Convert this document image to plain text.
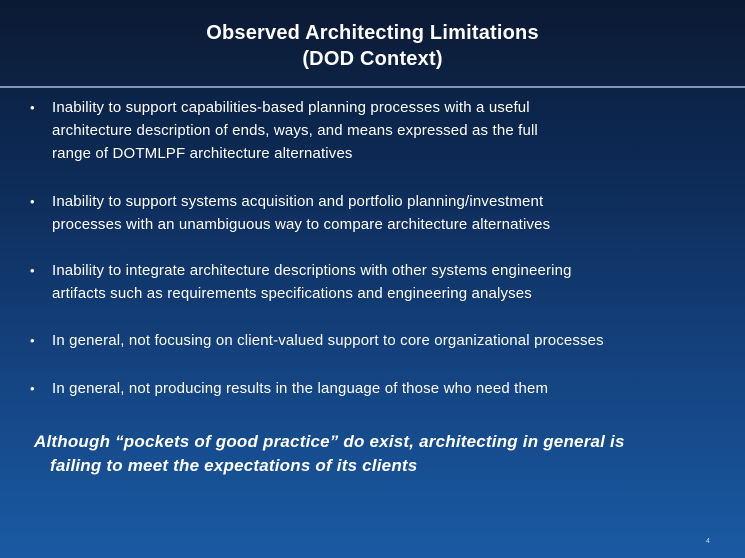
Observed Architecting Limitations
(DOD Context)
•	Inability to support capabilities-based planning processes with a useful
architecture description of ends, ways, and means expressed as the full
range of DOTMLPF architecture alternatives
•	Inability to support systems acquisition and portfolio planning/investment
processes with an unambiguous way to compare architecture alternatives
•	Inability to integrate architecture descriptions with other systems engineering
artifacts such as requirements specifications and engineering analyses
•	In general, not focusing on client-valued support to core organizational processes
•	In general, not producing results in the language of those who need them
Although “pockets of good practice” do exist, architecting in general is
failing to meet the expectations of its clients
4
